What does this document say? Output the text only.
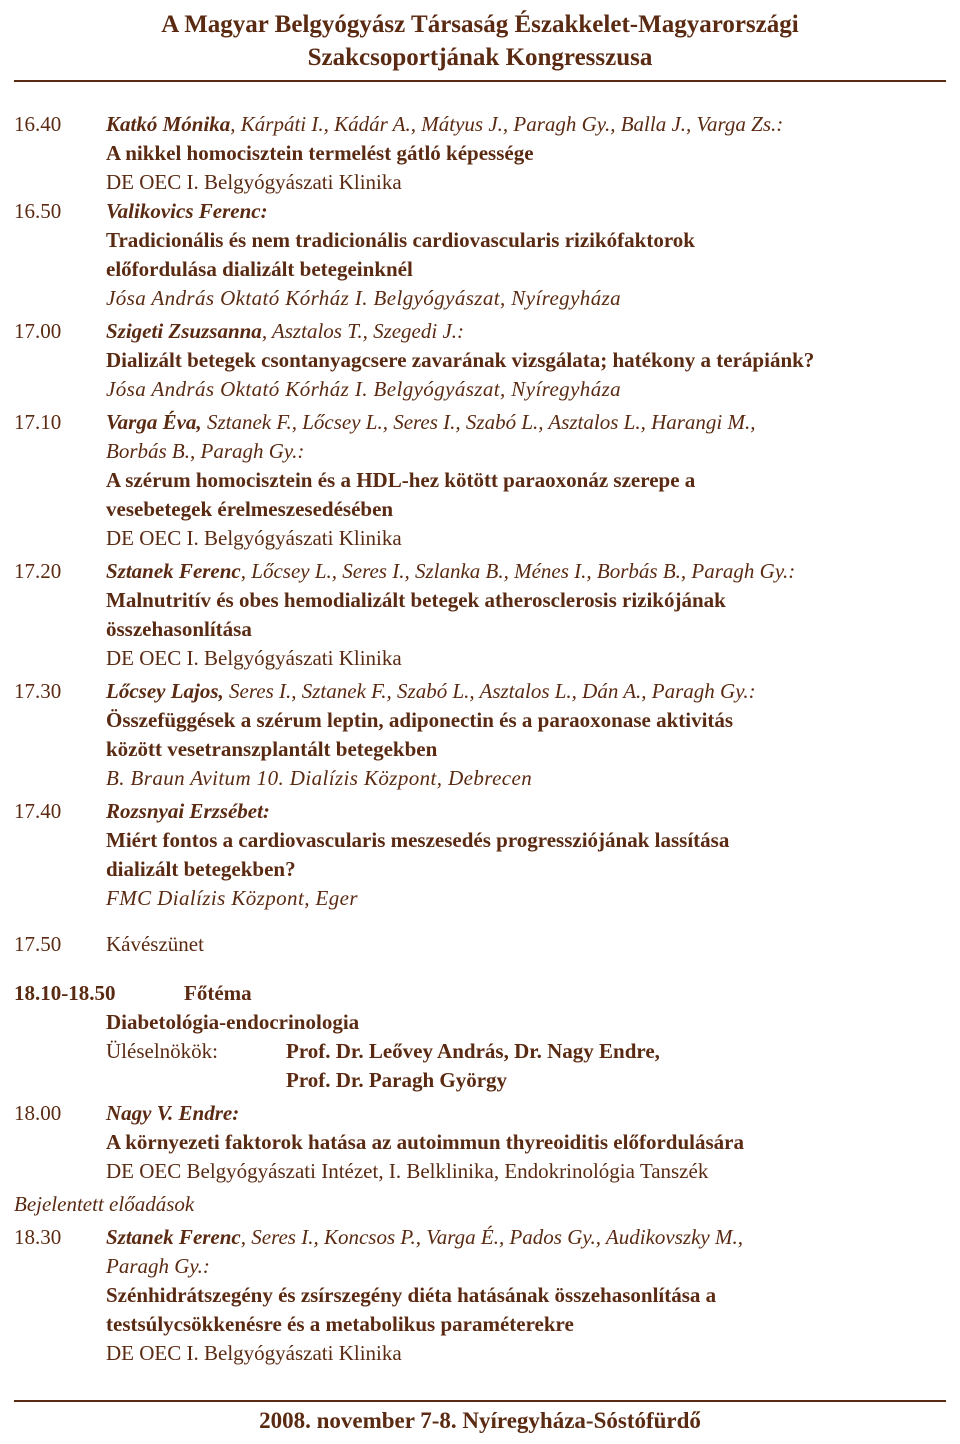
A Magyar Belgyógyász Társaság Északkelet-Magyarországi
Szakcsoportjának Kongresszusa
16.40	Katkó Mónika, Kárpáti I., Kádár A., Mátyus J., Paragh Gy., Balla J., Varga Zs.:
A nikkel homocisztein termelést gátló képessége
DE OEC I. Belgyógyászati Klinika
16.50	Valikovics Ferenc:
Tradicionális és nem tradicionális cardiovascularis rizikófaktorok
előfordulása dializált betegeinknél
Jósa András Oktató Kórház I. Belgyógyászat, Nyíregyháza
17.00	Szigeti Zsuzsanna, Asztalos T., Szegedi J.:
Dializált betegek csontanyagcsere zavarának vizsgálata; hatékony a terápiánk?
Jósa András Oktató Kórház I. Belgyógyászat, Nyíregyháza
17.10	Varga Éva, Sztanek F., Lőcsey L., Seres I., Szabó L., Asztalos L., Harangi M.,
Borbás B., Paragh Gy.:
A szérum homocisztein és a HDL-hez kötött paraoxonáz szerepe a
vesebetegek érelmeszesedésében
DE OEC I. Belgyógyászati Klinika
17.20	Sztanek Ferenc, Lőcsey L., Seres I., Szlanka B., Ménes I., Borbás B., Paragh Gy.:
Malnutritív és obes hemodializált betegek atherosclerosis rizikójának
összehasonlítása
DE OEC I. Belgyógyászati Klinika
17.30	Lőcsey Lajos, Seres I., Sztanek F., Szabó L., Asztalos L., Dán A., Paragh Gy.:
Összefüggések a szérum leptin, adiponectin és a paraoxonase aktivitás
között vesetranszplantált betegekben
B. Braun Avitum 10. Dialízis Központ, Debrecen
17.40	Rozsnyai Erzsébet:
Miért fontos a cardiovascularis meszesedés progressziójának lassítása
dializált betegekben?
FMC Dialízis Központ, Eger
17.50	Kávészünet
18.10-18.50	Főtéma
Diabetológia-endocrinologia
Üléselnökök:	Prof. Dr. Leővey András, Dr. Nagy Endre,
Prof. Dr. Paragh György
18.00	Nagy V. Endre:
A környezeti faktorok hatása az autoimmun thyreoiditis előfordulására
DE OEC Belgyógyászati Intézet, I. Belklinika, Endokrinológia Tanszék
Bejelentett előadások
18.30	Sztanek Ferenc, Seres I., Koncsos P., Varga É., Pados Gy., Audikovszky M.,
Paragh Gy.:
Szénhidrátszegény és zsírszegény diéta hatásának összehasonlítása a
testsúlycsökkenésre és a metabolikus paraméterekre
DE OEC I. Belgyógyászati Klinika
2008. november 7-8. Nyíregyháza-Sóstófürdő
